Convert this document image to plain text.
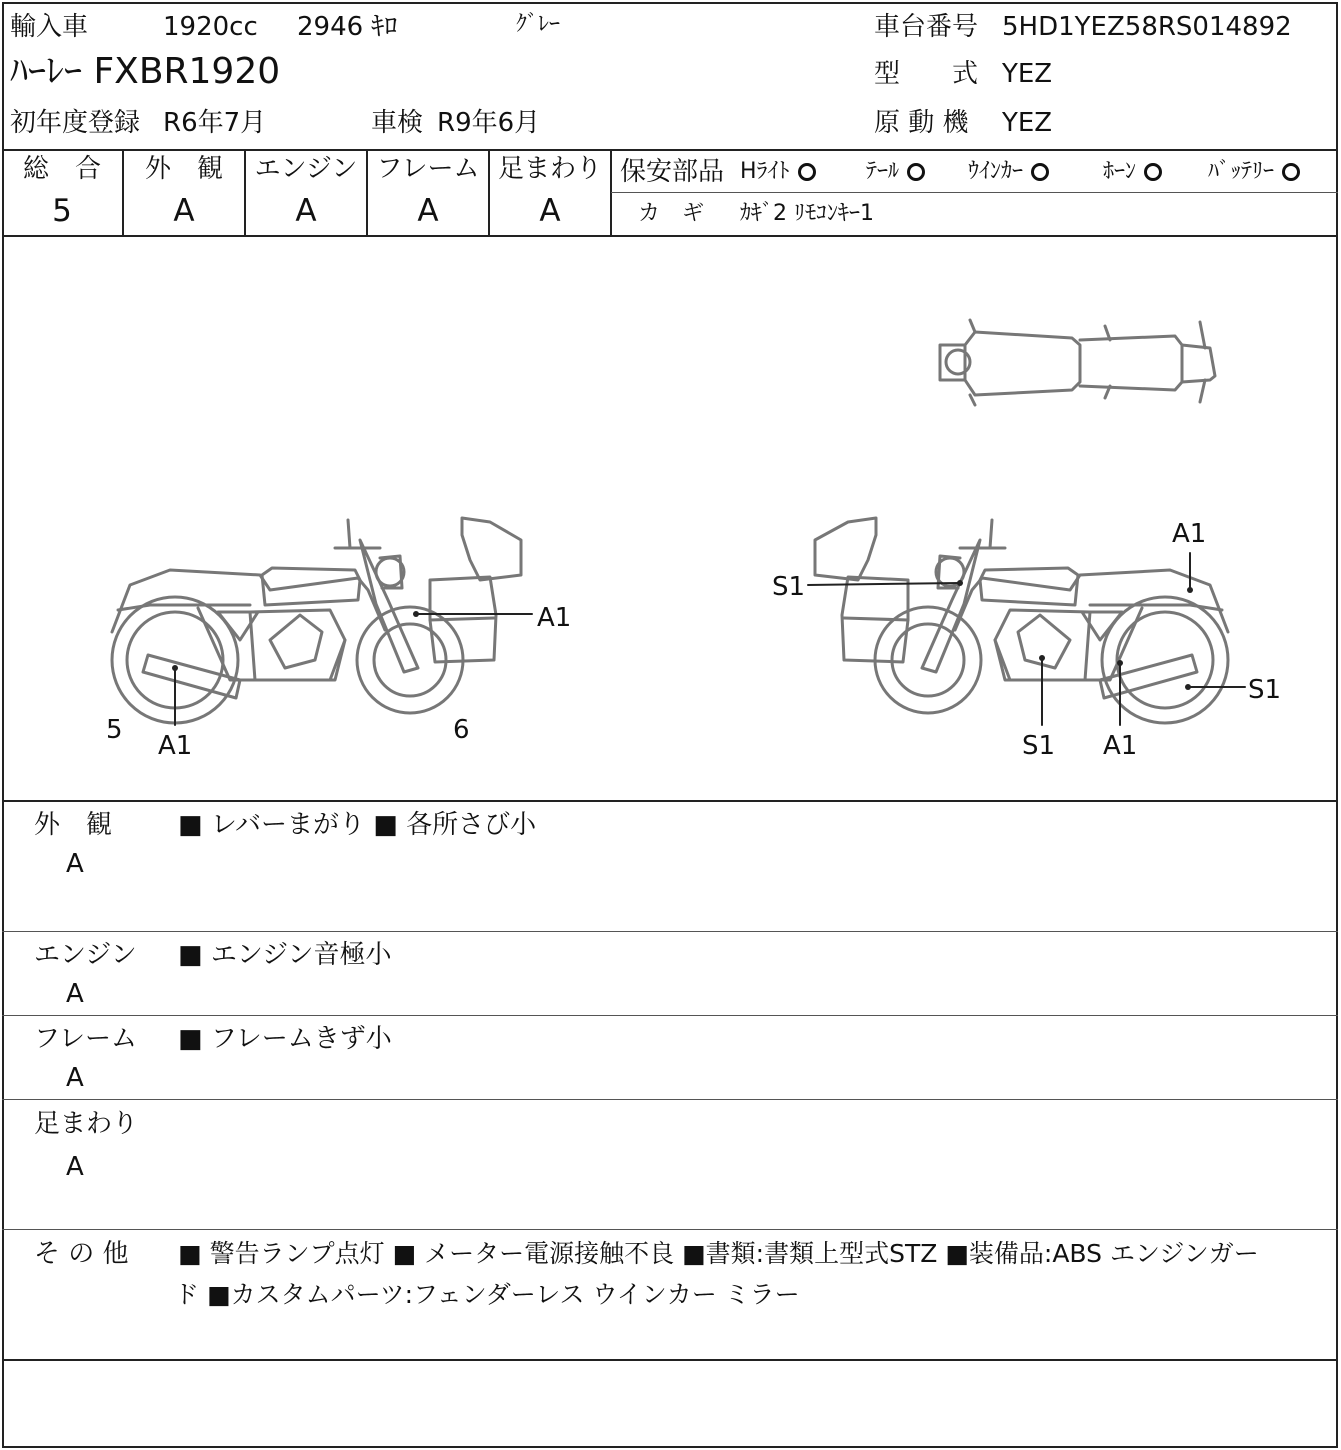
輸入車	1920cc 2946 ｷﾛ	ｸﾞﾚｰ	車台番号 5HD1YEZ58RS014892
ﾊｰﾚｰ FXBR1920	型　　式 YEZ
初年度登録 R6年7月	車検 R9年6月	原 動 機 YEZ
総　合	外　観	エンジン フレーム 足まわり
5	A	A	A	A
保安部品 Hﾗｲﾄ	ﾃｰﾙ	ｳｲﾝｶｰ	ﾎｰﾝ	ﾊﾞｯﾃﾘｰ
カ　ギ ｶｷﾞ2 ﾘﾓｺﾝｷｰ1
A1
A1
5	6
A1
S1
S1
S1 A1
外　観
A
■ レバーまがり ■ 各所さび小
エンジン
A
■ エンジン音極小
フレーム
A
■ フレームきず小
足まわり
A
そ の 他 ■ 警告ランプ点灯 ■ メーター電源接触不良 ■書類:書類上型式STZ ■装備品:ABS エンジンガー
ド ■カスタムパーツ:フェンダーレス ウインカー ミラー
